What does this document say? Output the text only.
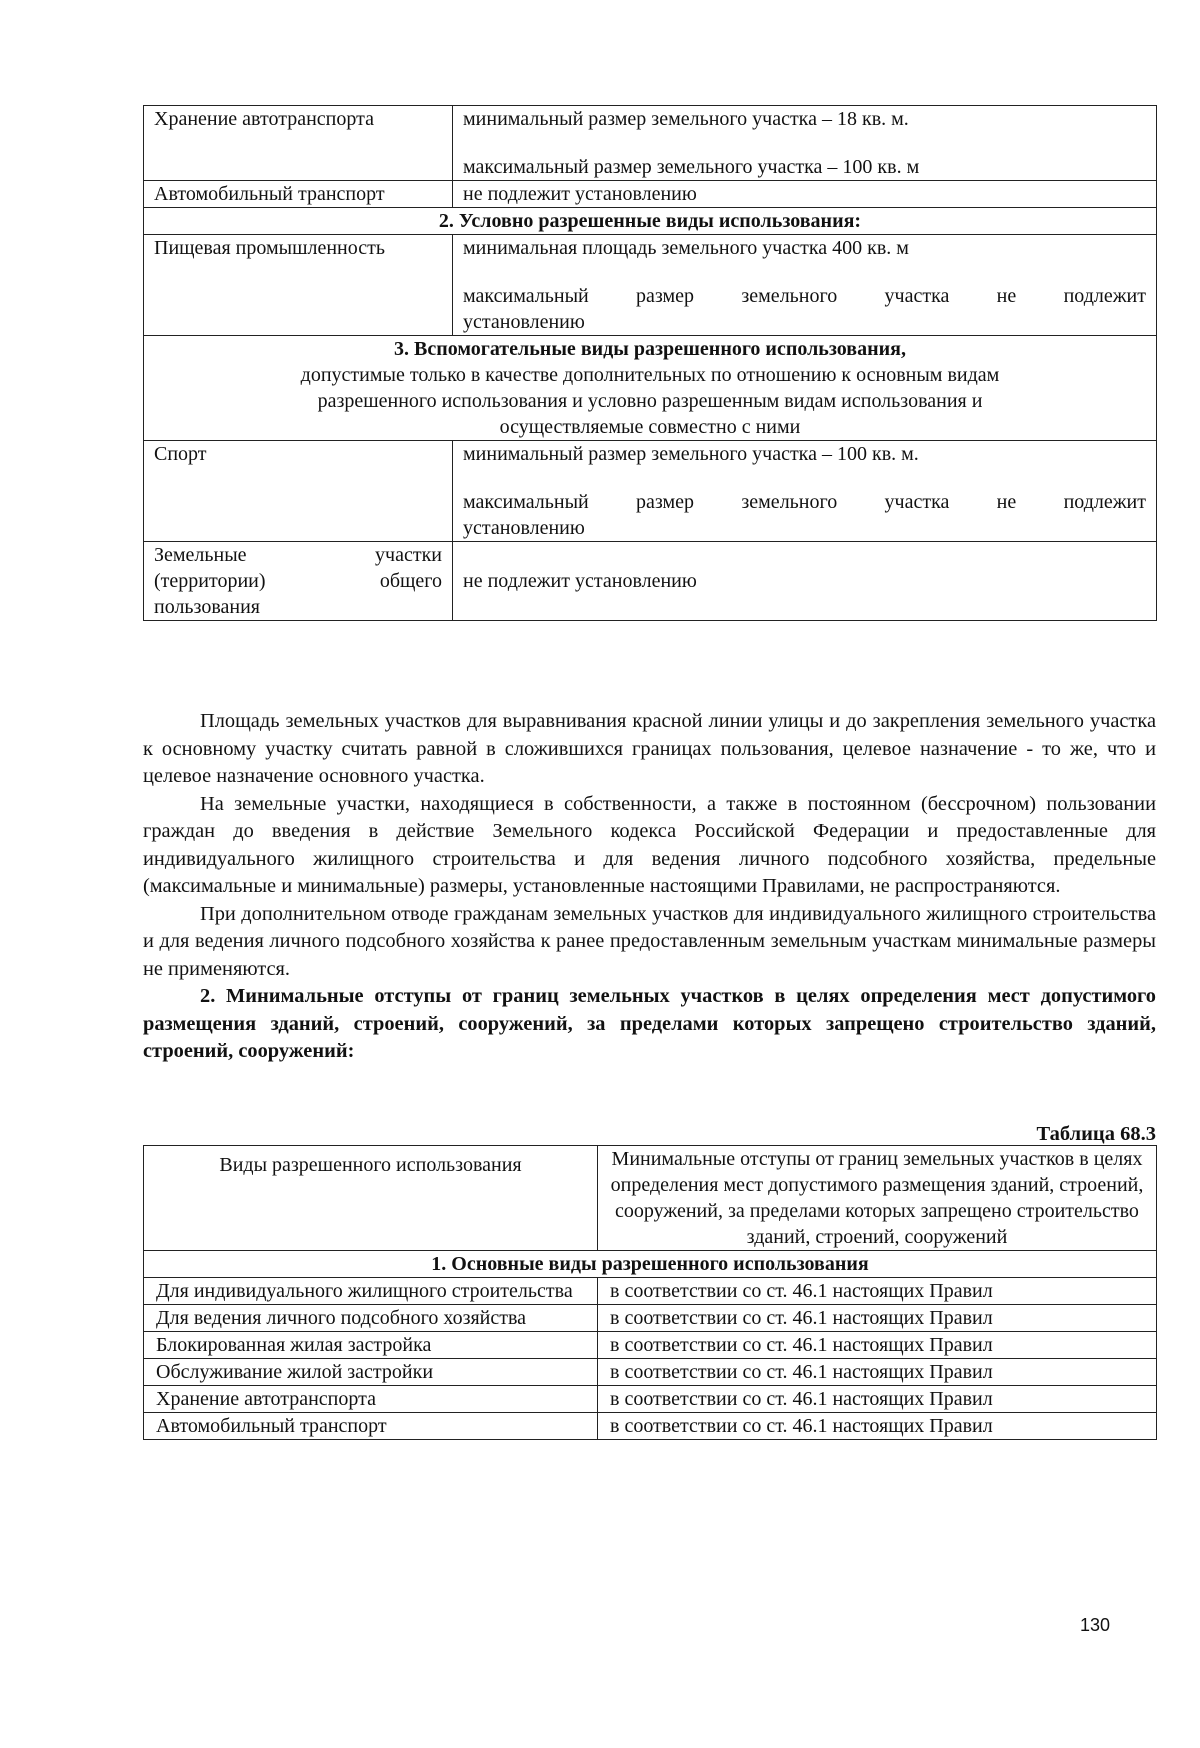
Хранение автотранспорта	минимальный размер земельного участка – 18 кв. м.
максимальный размер земельного участка – 100 кв. м
Автомобильный транспорт	не подлежит установлению
2. Условно разрешенные виды использования:	
Пищевая промышленность	минимальная площадь земельного участка 400 кв. м
максимальный размер земельного участка не подлежит
установлению

3. Вспомогательные виды разрешенного использования,
допустимые только в качестве дополнительных по отношению к основным видам
разрешенного использования и условно разрешенным видам использования и
осуществляемые совместно с ними	

Спорт	минимальный размер земельного участка – 100 кв. м.
максимальный размер земельного участка не подлежит
установлению

Земельные участки
(территории) общего
пользования	не подлежит установлению

Площадь земельных участков для выравнивания красной линии улицы и до закрепления земельного участка к основному участку считать равной в сложившихся границах пользования, целевое назначение - то же, что и целевое назначение основного участка.

На земельные участки, находящиеся в собственности, а также в постоянном (бессрочном) пользовании граждан до введения в действие Земельного кодекса Российской Федерации и предоставленные для индивидуального жилищного строительства и для ведения личного подсобного хозяйства, предельные (максимальные и минимальные) размеры, установленные настоящими Правилами, не распространяются.

При дополнительном отводе гражданам земельных участков для индивидуального жилищного строительства и для ведения личного подсобного хозяйства к ранее предоставленным земельным участкам минимальные размеры не применяются.

2. Минимальные отступы от границ земельных участков в целях определения мест допустимого размещения зданий, строений, сооружений, за пределами которых запрещено строительство зданий, строений, сооружений:

Таблица 68.3
Виды разрешенного использования	Минимальные отступы от границ земельных участков в целях определения мест допустимого размещения зданий, строений, сооружений, за пределами которых запрещено строительство зданий, строений, сооружений
1. Основные виды разрешенного использования	
Для индивидуального жилищного строительства	в соответствии со ст. 46.1 настоящих Правил
Для ведения личного подсобного хозяйства	в соответствии со ст. 46.1 настоящих Правил
Блокированная жилая застройка	в соответствии со ст. 46.1 настоящих Правил
Обслуживание жилой застройки	в соответствии со ст. 46.1 настоящих Правил
Хранение автотранспорта	в соответствии со ст. 46.1 настоящих Правил
Автомобильный транспорт	в соответствии со ст. 46.1 настоящих Правил
130
